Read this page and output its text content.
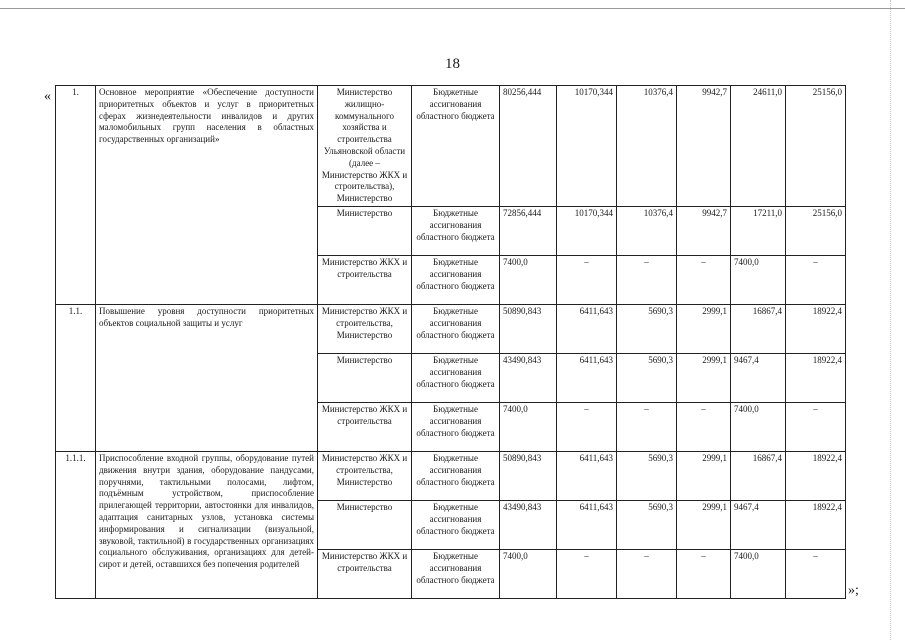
18
« 1.	Основное мероприятие «Обеспечение доступности приоритетных объектов и услуг в приоритетных сферах жизнедеятельности инвалидов и других маломобильных групп населения в областных государственных организаций»	Министерство жилищно-коммунального хозяйства и строительства Ульяновской области (далее – Министерство ЖКХ и строительства), Министерство	Бюджетные ассигнования областного бюджета	80256,444	10170,344	10376,4	9942,7	24611,0	25156,0
		Министерство	Бюджетные ассигнования областного бюджета	72856,444	10170,344	10376,4	9942,7	17211,0	25156,0
		Министерство ЖКХ и строительства	Бюджетные ассигнования областного бюджета	7400,0	–	–	–	7400,0	–
1.1.	Повышение уровня доступности приоритетных объектов социальной защиты и услуг	Министерство ЖКХ и строительства, Министерство	Бюджетные ассигнования областного бюджета	50890,843	6411,643	5690,3	2999,1	16867,4	18922,4
		Министерство	Бюджетные ассигнования областного бюджета	43490,843	6411,643	5690,3	2999,1	9467,4	18922,4
		Министерство ЖКХ и строительства	Бюджетные ассигнования областного бюджета	7400,0	–	–	–	7400,0	–
1.1.1.	Приспособление входной группы, оборудование путей движения внутри здания, оборудование пандусами, поручнями, тактильными полосами, лифтом, подъёмным устройством, приспособление прилегающей территории, автостоянки для инвалидов, адаптация санитарных узлов, установка системы информирования и сигнализации (визуальной, звуковой, тактильной) в государственных организациях социального обслуживания, организациях для детей-сирот и детей, оставшихся без попечения родителей	Министерство ЖКХ и строительства, Министерство	Бюджетные ассигнования областного бюджета	50890,843	6411,643	5690,3	2999,1	16867,4	18922,4
		Министерство	Бюджетные ассигнования областного бюджета	43490,843	6411,643	5690,3	2999,1	9467,4	18922,4
		Министерство ЖКХ и строительства	Бюджетные ассигнования областного бюджета	7400,0	–	–	–	7400,0	–
»;
